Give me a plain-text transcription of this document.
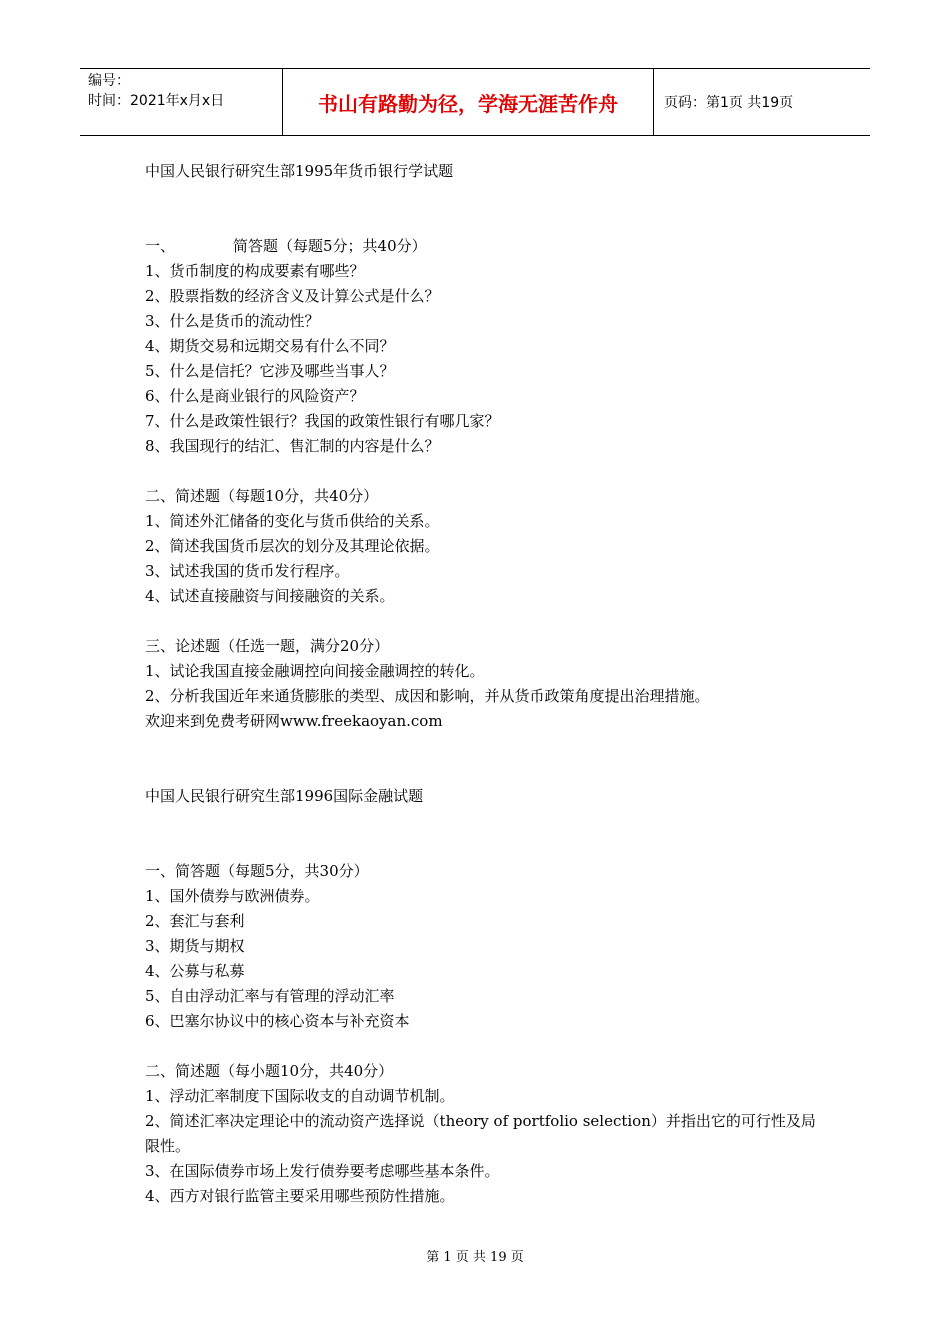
编号：
时间：2021年x月x日	书山有路勤为径，学海无涯苦作舟	页码：第1页 共19页
中国人民银行研究生部1995年货币银行学试题
一、	简答题（每题5分；共40分）
1、货币制度的构成要素有哪些？
2、股票指数的经济含义及计算公式是什么？
3、什么是货币的流动性？
4、期货交易和远期交易有什么不同？
5、什么是信托？它涉及哪些当事人？
6、什么是商业银行的风险资产？
7、什么是政策性银行？我国的政策性银行有哪几家？
8、我国现行的结汇、售汇制的内容是什么？
二、简述题（每题10分，共40分）
1、简述外汇储备的变化与货币供给的关系。
2、简述我国货币层次的划分及其理论依据。
3、试述我国的货币发行程序。
4、试述直接融资与间接融资的关系。
三、论述题（任选一题，满分20分）
1、试论我国直接金融调控向间接金融调控的转化。
2、分析我国近年来通货膨胀的类型、成因和影响，并从货币政策角度提出治理措施。
欢迎来到免费考研网www.freekaoyan.com
中国人民银行研究生部1996国际金融试题
一、简答题（每题5分，共30分）
1、国外债券与欧洲债券。
2、套汇与套利
3、期货与期权
4、公募与私募
5、自由浮动汇率与有管理的浮动汇率
6、巴塞尔协议中的核心资本与补充资本
二、简述题（每小题10分，共40分）
1、浮动汇率制度下国际收支的自动调节机制。
2、简述汇率决定理论中的流动资产选择说（theory of portfolio selection）并指出它的可行性及局限性。
3、在国际债券市场上发行债券要考虑哪些基本条件。
4、西方对银行监管主要采用哪些预防性措施。
第 1 页 共 19 页
